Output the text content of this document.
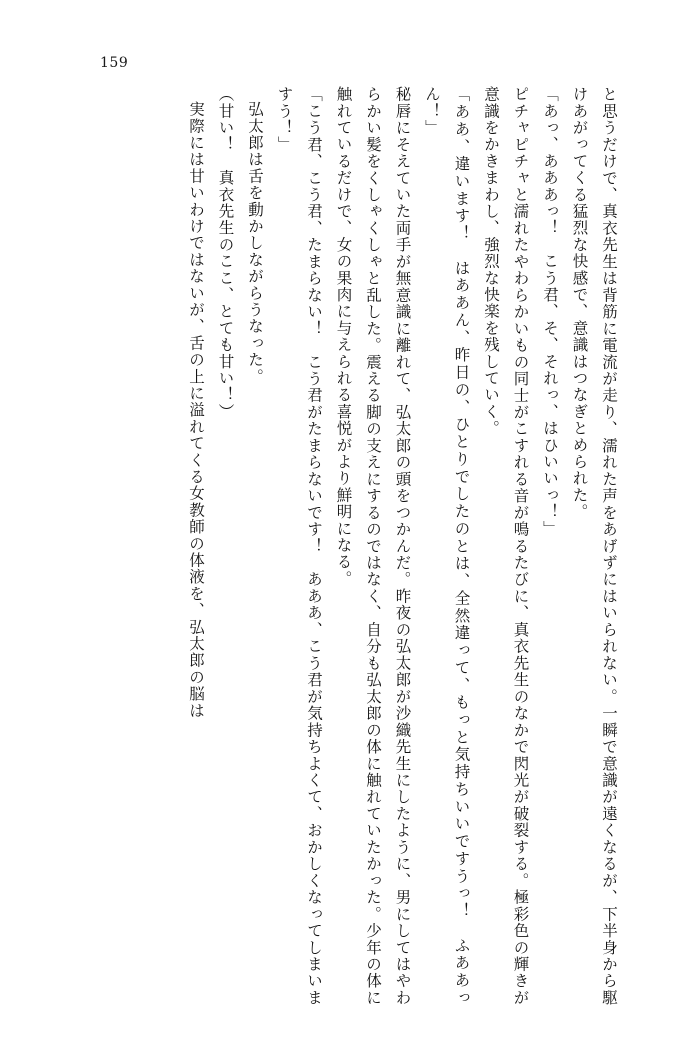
159

と思うだけで、真衣先生は背筋に電流が走り、濡れた声をあげずにはいられない。一瞬で意識が遠くなるが、下半身から駆けあがってくる猛烈な快感で、意識はつなぎとめられた。

「あっ、あああっ！　こう君、そ、それっ、はひいいっ！」

ピチャピチャと濡れたやわらかいもの同士がこすれる音が鳴るたびに、真衣先生のなかで閃光が破裂する。極彩色の輝きが意識をかきまわし、強烈な快楽を残していく。

「ああ、違います！　はああん、昨日の、ひとりでしたのとは、全然違って、もっと気持ちいいですうっ！　ふああっん！」

秘唇にそえていた両手が無意識に離れて、弘太郎の頭をつかんだ。昨夜の弘太郎が沙織先生にしたように、男にしてはやわらかい髪をくしゃくしゃと乱した。震える脚の支えにするのではなく、自分も弘太郎の体に触れていたかった。少年の体に触れているだけで、女の果肉に与えられる喜悦がより鮮明になる。

「こう君、こう君、たまらない！　こう君がたまらないです！　あああ、こう君が気持ちよくて、おかしくなってしまいますう！」

弘太郎は舌を動かしながらうなった。

（甘い！　真衣先生のここ、とても甘い！）

実際には甘いわけではないが、舌の上に溢れてくる女教師の体液を、弘太郎の脳は
